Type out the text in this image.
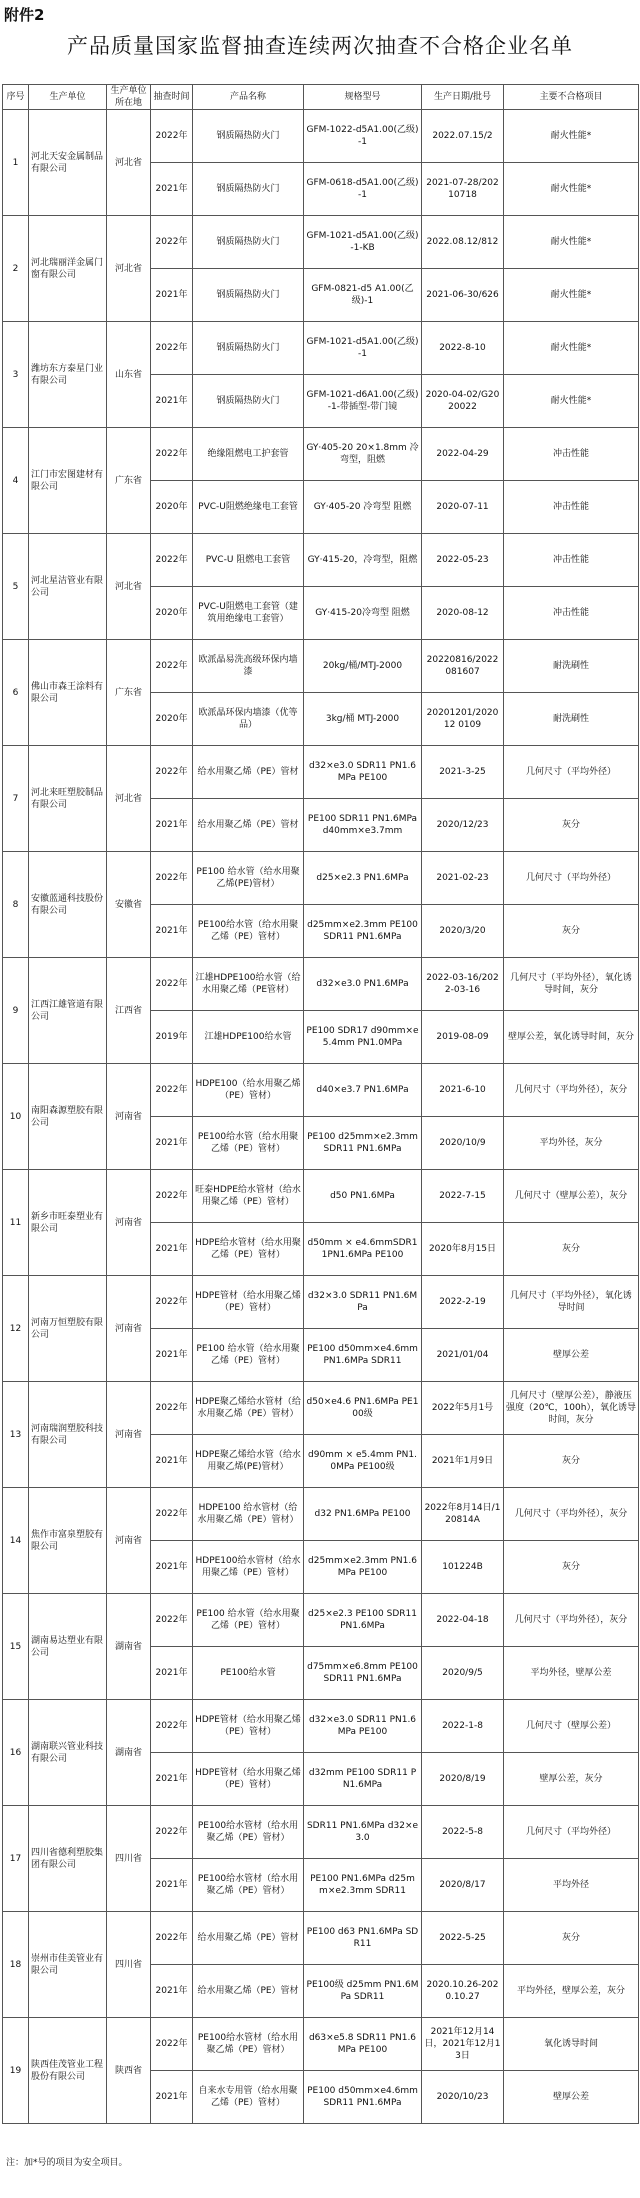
附件2
产品质量国家监督抽查连续两次抽查不合格企业名单
序号	生产单位	生产单位所在地	抽查时间	产品名称	规格型号	生产日期/批号	主要不合格项目
1	河北天安金属制品有限公司	河北省	2022年	钢质隔热防火门	GFM-1022-d5A1.00(乙级)-1	2022.07.15/2	耐火性能*
			2021年	钢质隔热防火门	GFM-0618-d5A1.00(乙级)-1	2021-07-28/20210718	耐火性能*
2	河北瑞丽洋金属门窗有限公司	河北省	2022年	钢质隔热防火门	GFM-1021-d5A1.00(乙级)-1-KB	2022.08.12/812	耐火性能*
			2021年	钢质隔热防火门	GFM-0821-d5 A1.00(乙级)-1	2021-06-30/626	耐火性能*
3	潍坊东方泰星门业有限公司	山东省	2022年	钢质隔热防火门	GFM-1021-d5A1.00(乙级)-1	2022-8-10	耐火性能*
			2021年	钢质隔热防火门	GFM-1021-d6A1.00(乙级)-1-带插型-带门镜	2020-04-02/G2020022	耐火性能*
4	江门市宏图建材有限公司	广东省	2022年	绝缘阻燃电工护套管	GY·405-20 20×1.8mm 冷弯型，阻燃	2022-04-29	冲击性能
			2020年	PVC-U阻燃绝缘电工套管	GY·405-20 冷弯型 阻燃	2020-07-11	冲击性能
5	河北星洁管业有限公司	河北省	2022年	PVC-U 阻燃电工套管	GY·415-20，冷弯型，阻燃	2022-05-23	冲击性能
			2020年	PVC-U阻燃电工套管（建筑用绝缘电工套管）	GY·415-20冷弯型 阻燃	2020-08-12	冲击性能
6	佛山市森王涂料有限公司	广东省	2022年	欧派晶易洗高级环保内墙漆	20kg/桶/MTJ-2000	20220816/2022081607	耐洗刷性
			2020年	欧派晶环保内墙漆（优等品）	3kg/桶 MTJ-2000	20201201/202012 0109	耐洗刷性
7	河北来旺塑胶制品有限公司	河北省	2022年	给水用聚乙烯（PE）管材	d32×e3.0 SDR11 PN1.6MPa PE100	2021-3-25	几何尺寸（平均外径）
			2021年	给水用聚乙烯（PE）管材	PE100 SDR11 PN1.6MPa d40mm×e3.7mm	2020/12/23	灰分
8	安徽蓝通科技股份有限公司	安徽省	2022年	PE100 给水管（给水用聚乙烯(PE)管材）	d25×e2.3 PN1.6MPa	2021-02-23	几何尺寸（平均外径）
			2021年	PE100给水管（给水用聚乙烯（PE）管材）	d25mm×e2.3mm PE100 SDR11 PN1.6MPa	2020/3/20	灰分
9	江西江雄管道有限公司	江西省	2022年	江雄HDPE100给水管（给水用聚乙烯（PE管材）	d32×e3.0 PN1.6MPa	2022-03-16/2022-03-16	几何尺寸（平均外径），氧化诱导时间，灰分
			2019年	江雄HDPE100给水管	PE100 SDR17 d90mm×e5.4mm PN1.0MPa	2019-08-09	壁厚公差，氧化诱导时间，灰分
10	南阳森源塑胶有限公司	河南省	2022年	HDPE100（给水用聚乙烯（PE）管材）	d40×e3.7 PN1.6MPa	2021-6-10	几何尺寸（平均外径），灰分
			2021年	PE100给水管（给水用聚乙烯（PE）管材）	PE100 d25mm×e2.3mm SDR11 PN1.6MPa	2020/10/9	平均外径，灰分
11	新乡市旺泰塑业有限公司	河南省	2022年	旺泰HDPE给水管材（给水用聚乙烯（PE）管材）	d50 PN1.6MPa	2022-7-15	几何尺寸（壁厚公差），灰分
			2021年	HDPE给水管材（给水用聚乙烯（PE）管材）	d50mm × e4.6mmSDR11PN1.6MPa PE100	2020年8月15日	灰分
12	河南万恒塑胶有限公司	河南省	2022年	HDPE管材（给水用聚乙烯（PE）管材）	d32×3.0 SDR11 PN1.6MPa	2022-2-19	几何尺寸（平均外径），氧化诱导时间
			2021年	PE100 给水管（给水用聚乙烯（PE）管材）	PE100 d50mm×e4.6mm PN1.6MPa SDR11	2021/01/04	壁厚公差
13	河南瑞润塑胶科技有限公司	河南省	2022年	HDPE聚乙烯给水管材（给水用聚乙烯（PE）管材）	d50×e4.6 PN1.6MPa PE100级	2022年5月1号	几何尺寸（壁厚公差），静液压强度（20℃，100h），氧化诱导时间，灰分
			2021年	HDPE聚乙烯给水管（给水用聚乙烯(PE)管材）	d90mm × e5.4mm PN1.0MPa PE100级	2021年1月9日	灰分
14	焦作市富泉塑胶有限公司	河南省	2022年	HDPE100 给水管材（给水用聚乙烯（PE）管材）	d32 PN1.6MPa PE100	2022年8月14日/120814A	几何尺寸（平均外径），灰分
			2021年	HDPE100给水管材（给水用聚乙烯（PE）管材）	d25mm×e2.3mm PN1.6MPa PE100	101224B	灰分
15	湖南易达塑业有限公司	湖南省	2022年	PE100 给水管（给水用聚乙烯（PE）管材）	d25×e2.3 PE100 SDR11 PN1.6MPa	2022-04-18	几何尺寸（平均外径），灰分
			2021年	PE100给水管	d75mm×e6.8mm PE100 SDR11 PN1.6MPa	2020/9/5	平均外径，壁厚公差
16	湖南联兴管业科技有限公司	湖南省	2022年	HDPE管材（给水用聚乙烯（PE）管材）	d32×e3.0 SDR11 PN1.6MPa PE100	2022-1-8	几何尺寸（壁厚公差）
			2021年	HDPE管材（给水用聚乙烯（PE）管材）	d32mm PE100 SDR11 PN1.6MPa	2020/8/19	壁厚公差，灰分
17	四川省德利塑胶集团有限公司	四川省	2022年	PE100给水管材（给水用聚乙烯（PE）管材）	SDR11 PN1.6MPa d32×e3.0	2022-5-8	几何尺寸（平均外径）
			2021年	PE100给水管材（给水用聚乙烯（PE）管材）	PE100 PN1.6MPa d25mm×e2.3mm SDR11	2020/8/17	平均外径
18	崇州市佳美管业有限公司	四川省	2022年	给水用聚乙烯（PE）管材	PE100 d63 PN1.6MPa SDR11	2022-5-25	灰分
			2021年	给水用聚乙烯（PE）管材	PE100级 d25mm PN1.6MPa SDR11	2020.10.26-2020.10.27	平均外径，壁厚公差，灰分
19	陕西佳茂管业工程股份有限公司	陕西省	2022年	PE100给水管材（给水用聚乙烯（PE）管材）	d63×e5.8 SDR11 PN1.6MPa PE100	2021年12月14日，2021年12月13日	氧化诱导时间
			2021年	自来水专用管（给水用聚乙烯（PE）管材）	PE100 d50mm×e4.6mm SDR11 PN1.6MPa	2020/10/23	壁厚公差
注：加*号的项目为安全项目。
